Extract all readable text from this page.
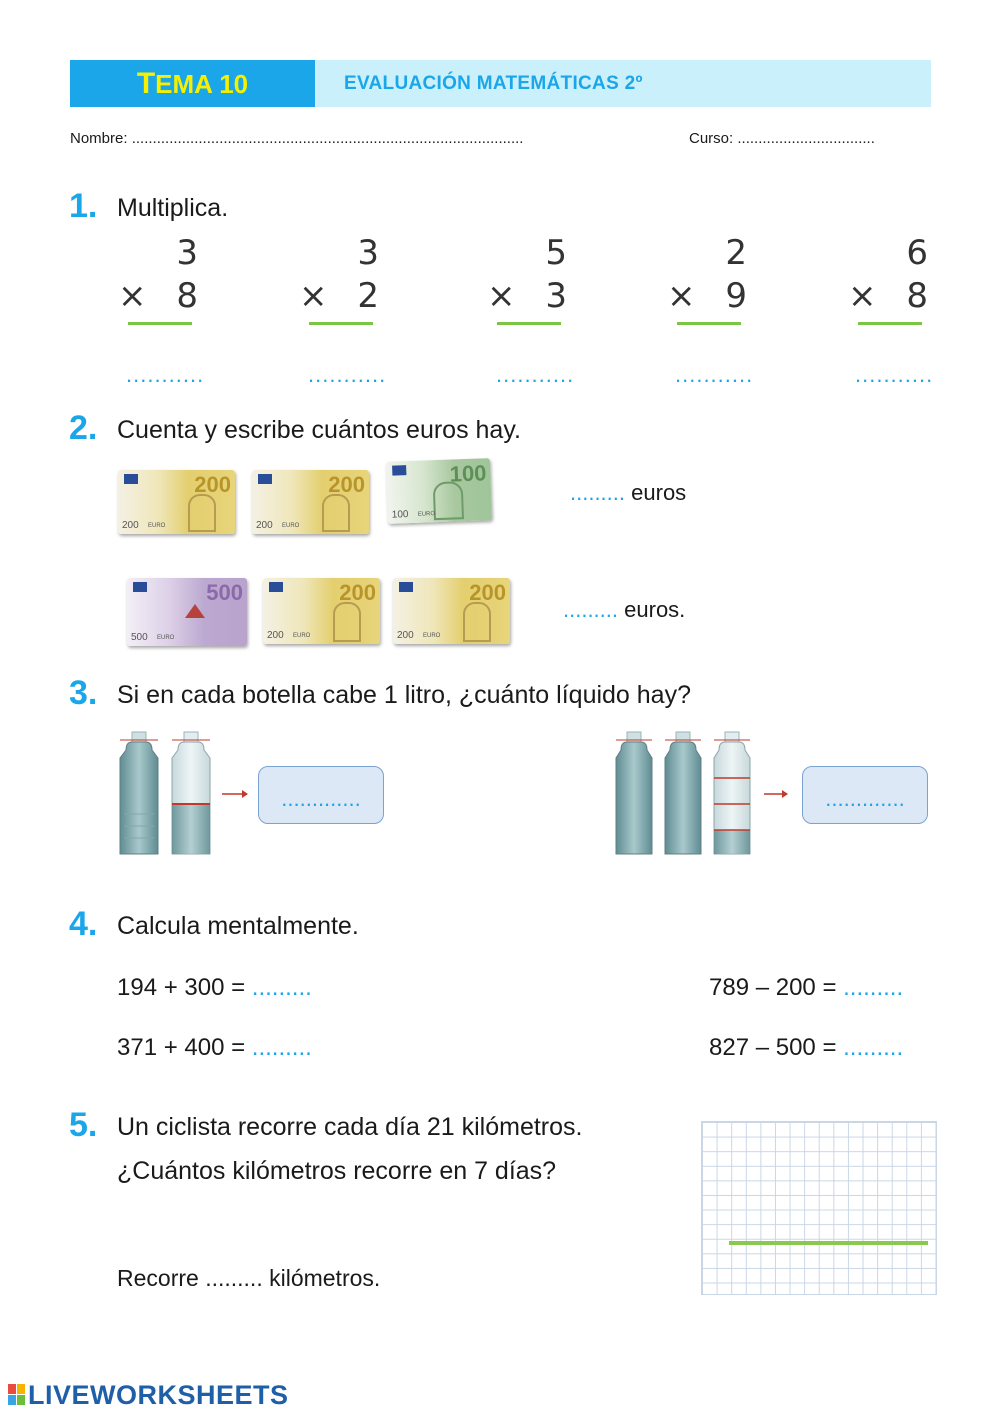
TEMA 10	EVALUACIÓN MATEMÁTICAS 2º
Nombre: ..............................................................................................	Curso: .................................
1. Multiplica.
3
× 8
3
× 2
5
× 3
2
× 9
6
× 8
...........	...........	...........	...........	...........
2. Cuenta y escribe cuántos euros hay.
200
200 EURO
200
200 EURO
100
100 EURO
......... euros
500
500 EURO
200
200 EURO
200
200 EURO
......... euros.
3. Si en cada botella cabe 1 litro, ¿cuánto líquido hay?
.............	.............
4. Calcula mentalmente.
194 + 300 = .........	789 – 200 = .........
371 + 400 = .........	827 – 500 = .........
5. Un ciclista recorre cada día 21 kilómetros.
¿Cuántos kilómetros recorre en 7 días?
Recorre ......... kilómetros.
LIVEWORKSHEETS
